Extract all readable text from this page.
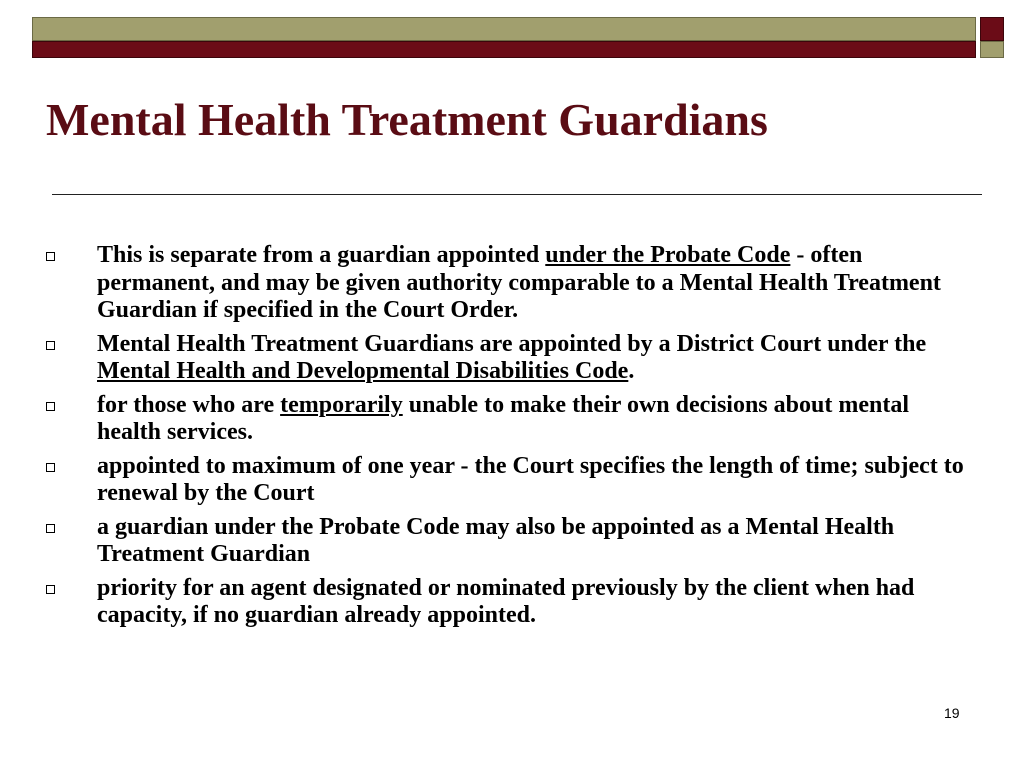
Mental Health Treatment Guardians
This is separate from a guardian appointed under the Probate Code - often permanent, and may be given authority comparable to a Mental Health Treatment Guardian if specified in the Court Order.
Mental Health Treatment Guardians are appointed by a District Court under the Mental Health and Developmental Disabilities Code.
for those who are temporarily unable to make their own decisions about mental health services.
appointed to maximum of one year - the Court specifies the length of time; subject to renewal by the Court
a guardian under the Probate Code may also be appointed as a Mental Health Treatment Guardian
priority for an agent designated or nominated previously by the client when had capacity, if no guardian already appointed.
19
